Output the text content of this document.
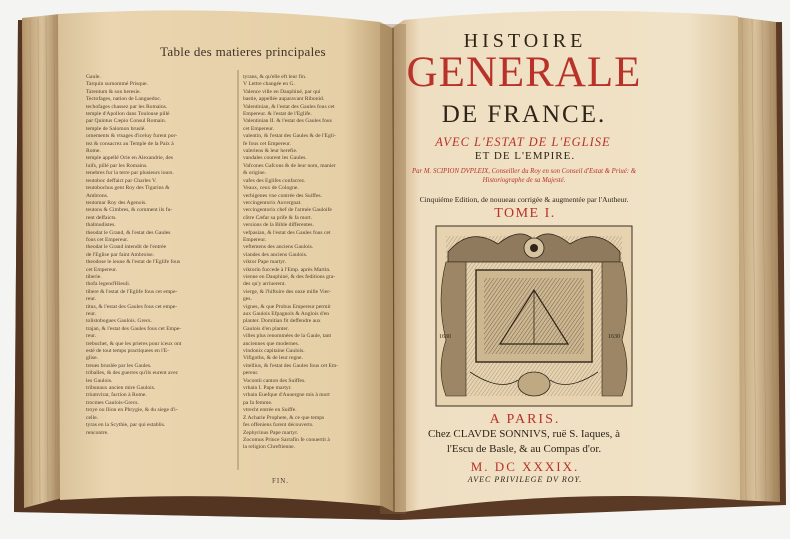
Table des matieres principales
Gaule.
Tarquin surnommé Prisque.
Tarentum & son heresie.
Tectofages, nation de Languedoc.
techofages chassez par les Romains.
temple d'Apollon dans Toulouse pillé
par Quintus Cæpio Consul Romain.
temple de Salomon bruslé.
ornements & vtsages d'iceluy furent por-
tez & consacrez au Temple de la Paix à
Rome.
temple appellé Orie en Alexandrie, des
luifs, pillé par les Romains.
tenebres fur la terre par plusieurs iours.
teutoboc deffaict par Charles V.
teutobochus gent Roy des Tigurins &
Ambrons.
teutomar Roy des Agenois.
teutons & Cimbres, & comment ils fu-
rent deffaicts.
thalmudistes.
theodat le Grand, & l'estat des Gaules
fous cet Empereur.
theodat le Grand intendit de l'entrée
de l'Eglise par faint Ambroise.
theodose le ieune & l'estat de l'Eglife fous
cet Empereur.
tiberie.
thofa legend'Hieuli.
tibere & l'estat de l'Eglife fous cet empe-
reur.
titus, & l'estat des Gaules fous cet empe-
reur.
tolistobogues Gaulois. Grecs.
trajan, & l'estat des Gaules fous cet Empe-
reur.
trebuchet, & que les prieres pour iceux ont
esté de tout temps practiquees en l'E-
glise.
treues bruslée par les Gaules.
triballes, & des guerres qu'ils eurent avec
les Gaulois.
tribunaux ancien mire Gaulois.
triumvirat, faction à Rome.
trocmes Gaulois-Grecs.
troye ou Ilion en Phrygie, & du siege d'i-
celle.
tyras en la Scythie, par qui establis.
rencontre.
tyrans, & qu'elle eft leur fin.
V Lettre changée en G.
Valence ville en Dauphiné, par qui
bastie, appellée auparavant Ribonid.
Valentinian, & l'estat des Gaules fous cet
Empereur. & l'estat de l'Eglife.
Valentinian II. & l'estat des Gaules fous
cet Empereur.
valentin, & l'estat des Gaules & de l'Egli-
fe fous cet Empereur.
valeriens & leur herefie.
vandales courent les Gaules.
Vafcones Gafcons & de leur nom, manier
& origine.
vafes des Eglifes confacrez.
Veaux, ceux de Cologne.
verbigenes vne contrée des Suiffes.
vercingentorix Auvergnat.
vercingentorix chef de l'armée Gauloife
cõtre Cæfar sa prife & fa mort.
versions de la Bible differentes.
vefpasian, & l'estat des Gaules fous cet
Empereur.
veftemens des anciens Gaulois.
viandes des anciens Gaulois.
viktor Pape martyr.
viktorin fuccede à l'Emp. après Martin.
vienne en Dauphiné, & des feditions gra-
des qu'y arriuerent.
vierge, & l'hiftoire des onze mille Vier-
ges.
vignes, & que Probus Empereur permit
aux Gaulois Efpagnols & Anglois d'en
planter. Domitian fit deffendre aux
Gaulois d'en planter.
villes plus renommées de la Gaule, tant
anciennes que modernes.
vindonix capitaine Gaulois.
Vifigoths, & de leur regne.
vitellius, & l'estat des Gaules fous cet Em-
pereur.
Vocontii canton des Suiffes.
vrbain I. Pape martyr.
vrbain Euefque d'Auuergne mis à mort
pa fa femme.
vtrecht entrée en Suiffe.
Z Acharie Prophete, & ce que temps
fes offeniens furent découverts.
Zephyrinus Pape martyr.
Zocomus Prince Sarrafin fe conuertit à
la religion Chreftienne.
FIN.
HISTOIRE
GENERALE
DE FRANCE.
AVEC L'ESTAT DE L'EGLISE
ET DE L'EMPIRE.
Par M. SCIPION DVPLEIX, Conseiller du Roy en son Conseil d'Estat & Priué: & Historiographe de sa Majesté.
Cinquiéme Edition, de nouueau corrigée & augmentée par l'Autheur.
TOME I.
1630	1630
A PARIS.
Chez CLAVDE SONNIVS, ruë S. Iaques, à
l'Escu de Basle, & au Compas d'or.
M. DC XXXIX.
AVEC PRIVILEGE DV ROY.
